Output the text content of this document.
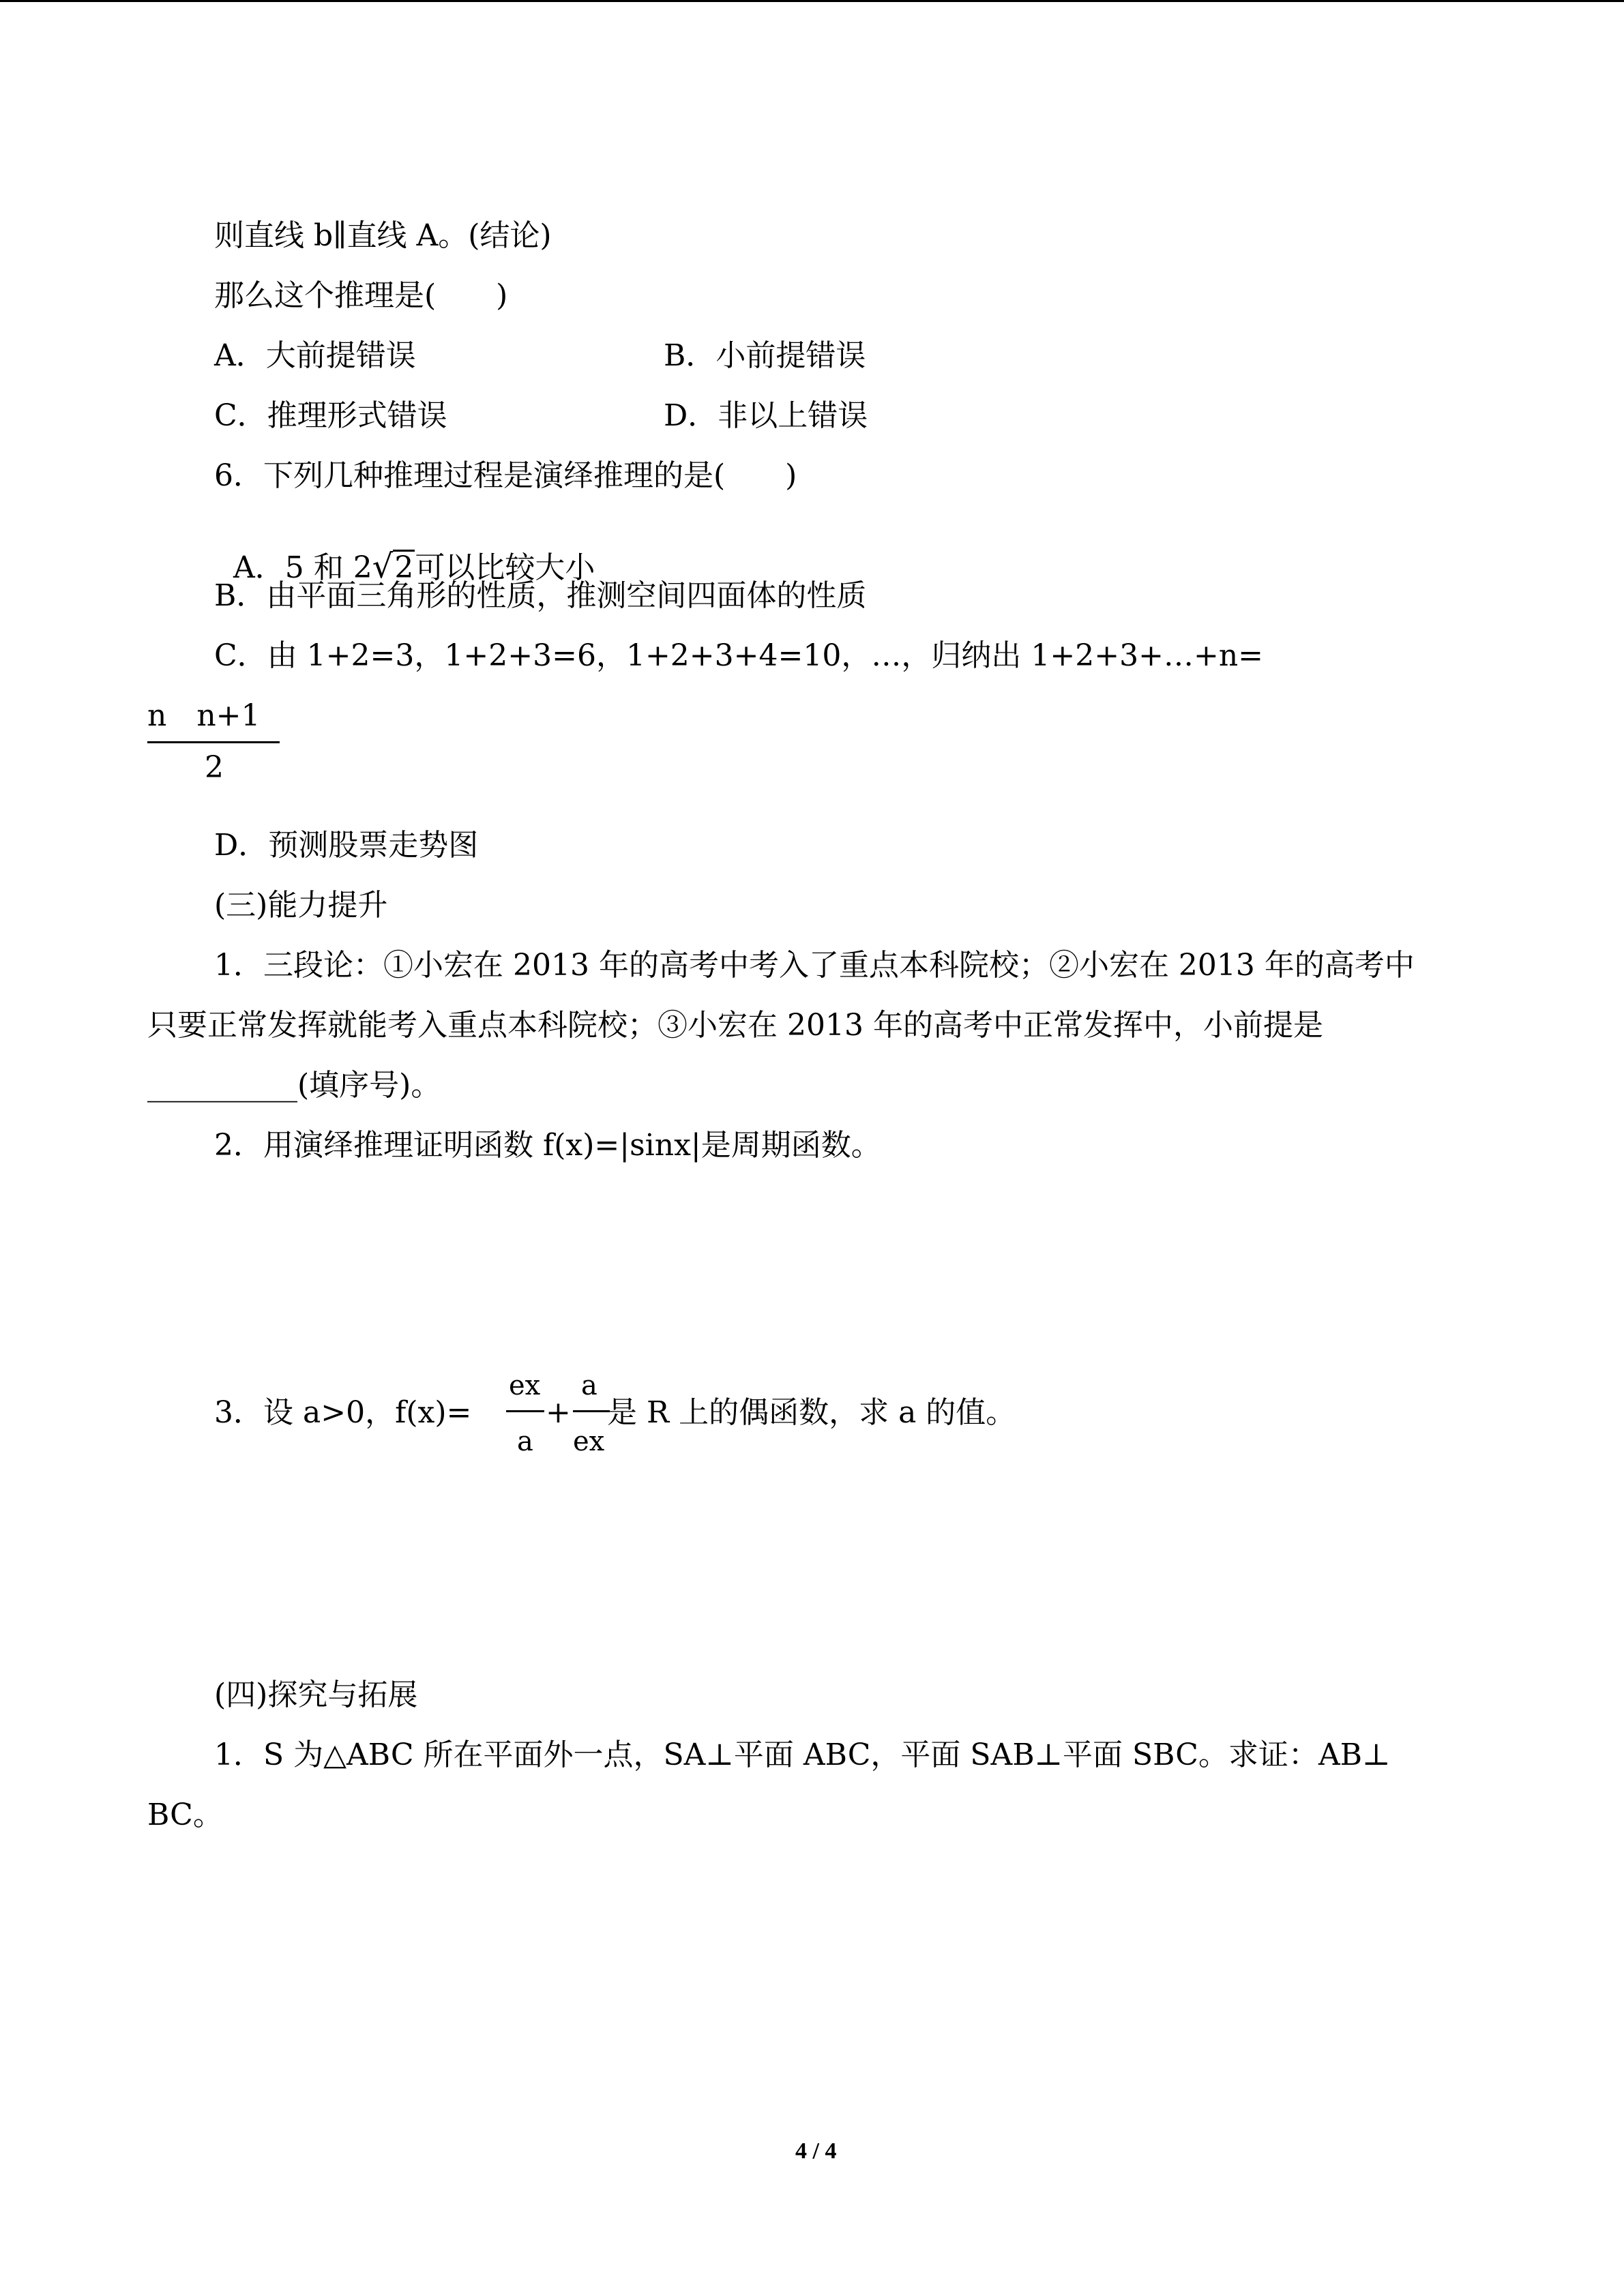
则直线 b∥直线 A。(结论)
那么这个推理是(　　)
A．大前提错误	B．小前提错误
C．推理形式错误	D．非以上错误
6．下列几种推理过程是演绎推理的是(　　)

A．5 和 2√2可以比较大小

B．由平面三角形的性质，推测空间四面体的性质
C．由 1+2=3，1+2+3=6，1+2+3+4=10，…，归纳出 1+2+3+…+n=
n　n+1
2
D．预测股票走势图
(三)能力提升
1．三段论：①小宏在 2013 年的高考中考入了重点本科院校；②小宏在 2013 年的高考中
只要正常发挥就能考入重点本科院校；③小宏在 2013 年的高考中正常发挥中，小前提是
__________(填序号)。
2．用演绎推理证明函数 f(x)=|sinx|是周期函数。
3．设 a>0，f(x)=
ex
a
+
a
ex
是 R 上的偶函数，求 a 的值。
(四)探究与拓展
1．S 为△ABC 所在平面外一点，SA⊥平面 ABC，平面 SAB⊥平面 SBC。求证：AB⊥
BC。
4 / 4
